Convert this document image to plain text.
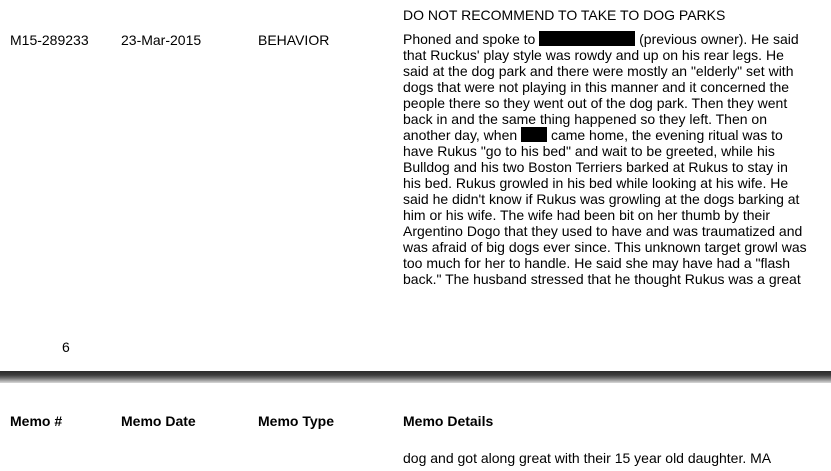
DO NOT RECOMMEND TO TAKE TO DOG PARKS
M15-289233 23-Mar-2015	BEHAVIOR	Phoned and spoke to	(previous owner). He said
that Ruckus' play style was rowdy and up on his rear legs. He
said at the dog park and there were mostly an "elderly" set with
dogs that were not playing in this manner and it concerned the
people there so they went out of the dog park. Then they went
back in and the same thing happened so they left. Then on
another day, when came home, the evening ritual was to
have Rukus "go to his bed" and wait to be greeted, while his
Bulldog and his two Boston Terriers barked at Rukus to stay in
his bed. Rukus growled in his bed while looking at his wife. He
said he didn't know if Rukus was growling at the dogs barking at
him or his wife. The wife had been bit on her thumb by their
Argentino Dogo that they used to have and was traumatized and
was afraid of big dogs ever since. This unknown target growl was
too much for her to handle. He said she may have had a "flash
back." The husband stressed that he thought Rukus was a great
6
Memo #	Memo Date	Memo Type	Memo Details
dog and got along great with their 15 year old daughter. MA
